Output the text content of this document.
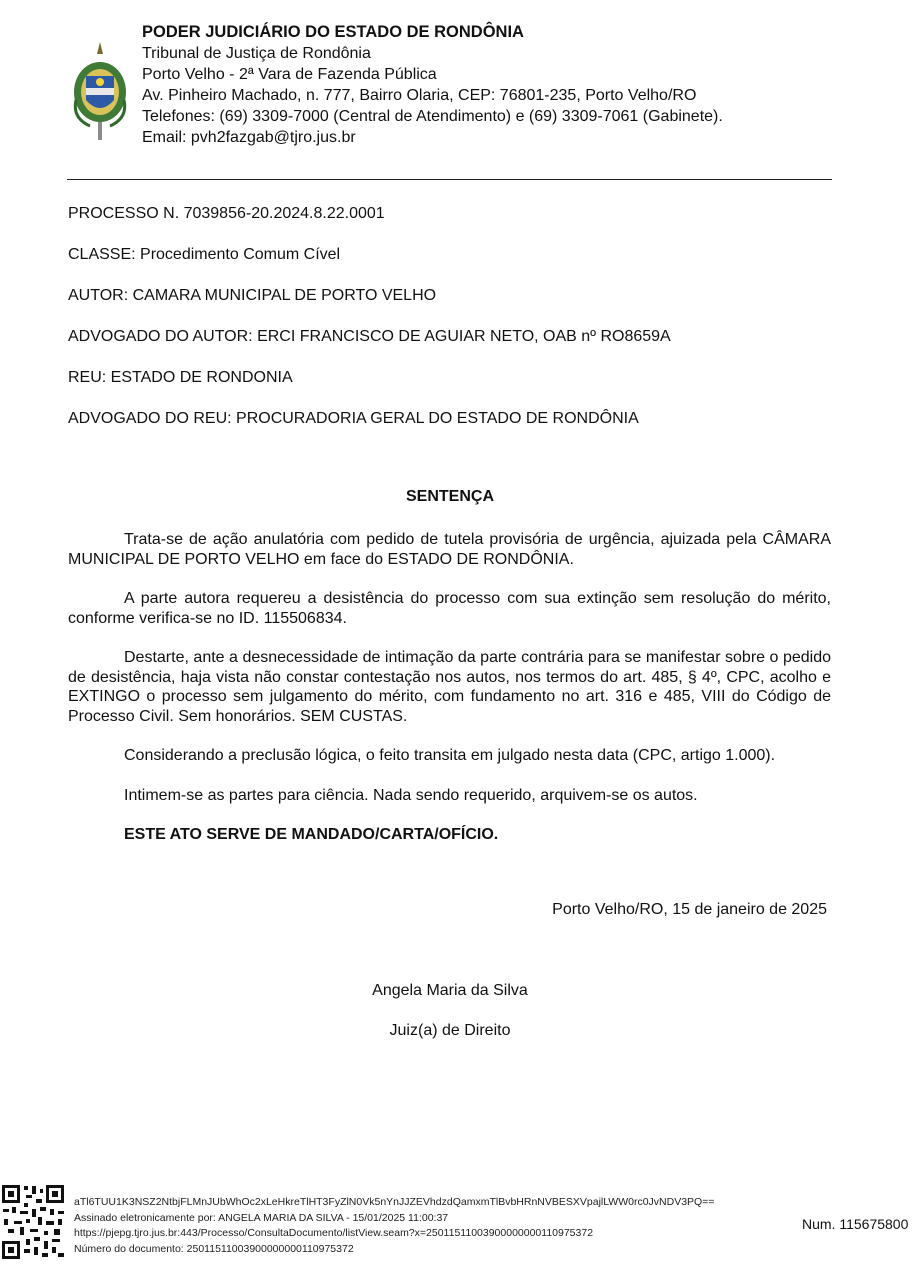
PODER JUDICIÁRIO DO ESTADO DE RONDÔNIA
Tribunal de Justiça de Rondônia
Porto Velho - 2ª Vara de Fazenda Pública
Av. Pinheiro Machado, n. 777, Bairro Olaria, CEP: 76801-235, Porto Velho/RO
Telefones: (69) 3309-7000 (Central de Atendimento) e (69) 3309-7061 (Gabinete).
Email: pvh2fazgab@tjro.jus.br

PROCESSO N. 7039856-20.2024.8.22.0001

CLASSE: Procedimento Comum Cível

AUTOR: CAMARA MUNICIPAL DE PORTO VELHO

ADVOGADO DO AUTOR: ERCI FRANCISCO DE AGUIAR NETO, OAB nº RO8659A

REU: ESTADO DE RONDONIA

ADVOGADO DO REU: PROCURADORIA GERAL DO ESTADO DE RONDÔNIA

SENTENÇA

Trata-se de ação anulatória com pedido de tutela provisória de urgência, ajuizada pela CÂMARA MUNICIPAL DE PORTO VELHO em face do ESTADO DE RONDÔNIA.

A parte autora requereu a desistência do processo com sua extinção sem resolução do mérito, conforme verifica-se no ID. 115506834.

Destarte, ante a desnecessidade de intimação da parte contrária para se manifestar sobre o pedido de desistência, haja vista não constar contestação nos autos, nos termos do art. 485, § 4º, CPC, acolho e EXTINGO o processo sem julgamento do mérito, com fundamento no art. 316 e 485, VIII do Código de Processo Civil. Sem honorários. SEM CUSTAS.

Considerando a preclusão lógica, o feito transita em julgado nesta data (CPC, artigo 1.000).

Intimem-se as partes para ciência. Nada sendo requerido, arquivem-se os autos.

ESTE ATO SERVE DE MANDADO/CARTA/OFÍCIO.

Porto Velho/RO, 15 de janeiro de 2025
Angela Maria da Silva
Juiz(a) de Direito
aTl6TUU1K3NSZ2NtbjFLMnJUbWhOc2xLeHkreTlHT3FyZlN0Vk5nYnJJZEVhdzdQamxmTlBvbHRnNVBESXVpajlLWW0rc0JvNDV3PQ==
Assinado eletronicamente por: ANGELA MARIA DA SILVA - 15/01/2025 11:00:37
https://pjepg.tjro.jus.br:443/Processo/ConsultaDocumento/listView.seam?x=25011511003900000000110975372
Número do documento: 25011511003900000000110975372
Num. 115675800
